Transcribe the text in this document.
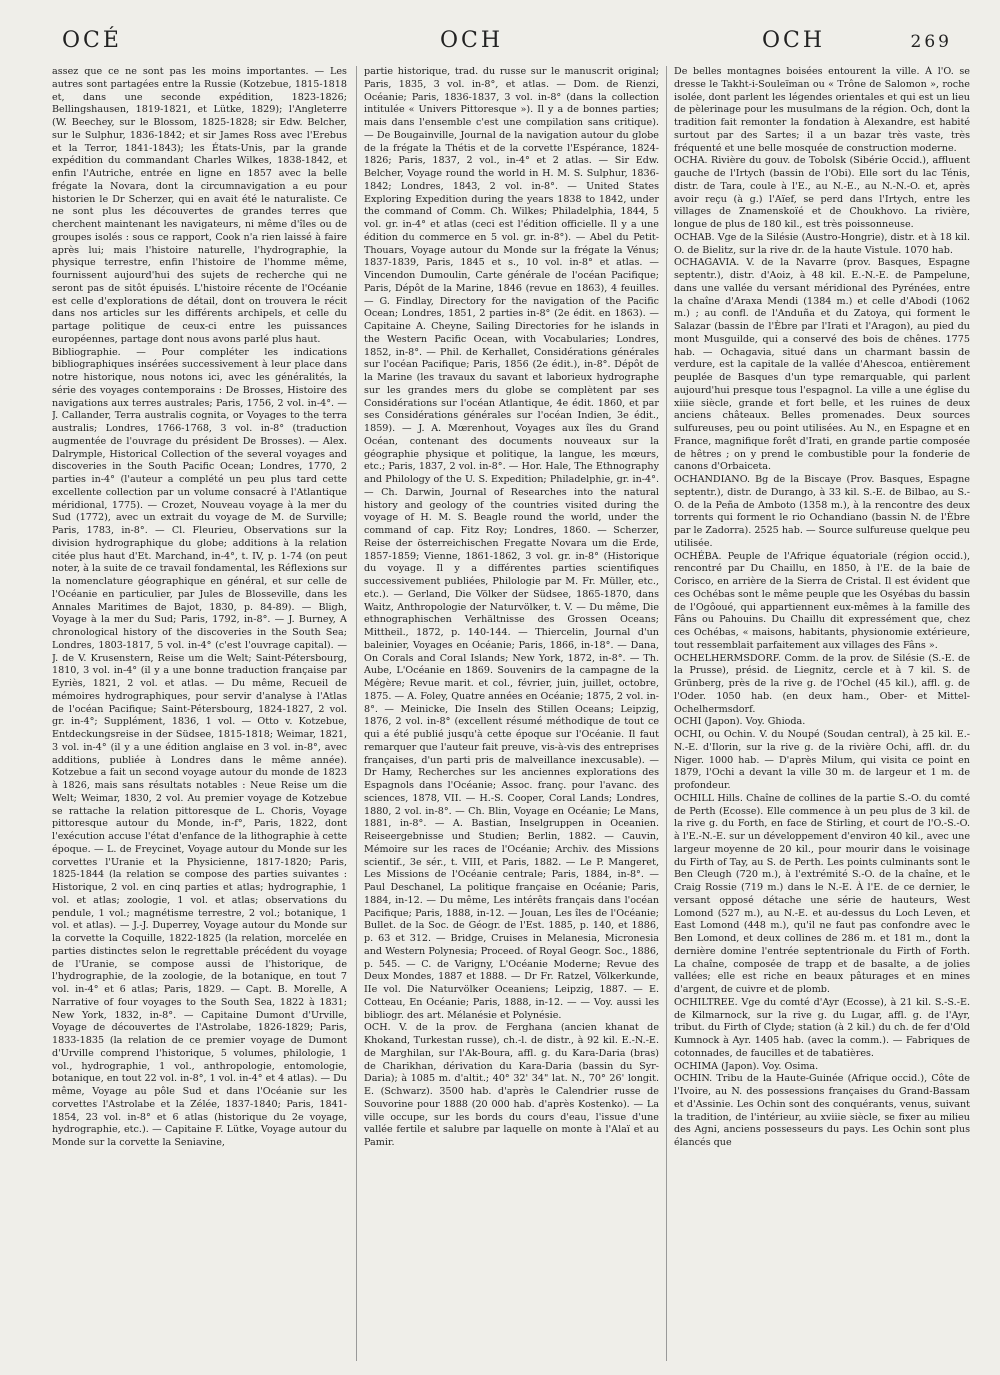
OCÉ	OCH	OCH	269

assez que ce ne sont pas les moins importantes. — Les autres sont partagées entre la Russie (Kotzebue, 1815-1818 et, dans une seconde expédition, 1823-1826; Bellingshausen, 1819-1821, et Lütke, 1829); l'Angleterre (W. Beechey, sur le Blossom, 1825-1828; sir Edw. Belcher, sur le Sulphur, 1836-1842; et sir James Ross avec l'Erebus et la Terror, 1841-1843); les États-Unis, par la grande expédition du commandant Charles Wilkes, 1838-1842, et enfin l'Autriche, entrée en ligne en 1857 avec la belle frégate la Novara, dont la circumnavigation a eu pour historien le Dr Scherzer, qui en avait été le naturaliste. Ce ne sont plus les découvertes de grandes terres que cherchent maintenant les navigateurs, ni même d'îles ou de groupes isolés : sous ce rapport, Cook n'a rien laissé à faire après lui; mais l'histoire naturelle, l'hydrographie, la physique terrestre, enfin l'histoire de l'homme même, fournissent aujourd'hui des sujets de recherche qui ne seront pas de sitôt épuisés. L'histoire récente de l'Océanie est celle d'explorations de détail, dont on trouvera le récit dans nos articles sur les différents archipels, et celle du partage politique de ceux-ci entre les puissances européennes, partage dont nous avons parlé plus haut.

Bibliographie. — Pour compléter les indications bibliographiques insérées successivement à leur place dans notre historique, nous notons ici, avec les généralités, la série des voyages contemporains : De Brosses, Histoire des navigations aux terres australes; Paris, 1756, 2 vol. in-4°. — J. Callander, Terra australis cognita, or Voyages to the terra australis; Londres, 1766-1768, 3 vol. in-8° (traduction augmentée de l'ouvrage du président De Brosses). — Alex. Dalrymple, Historical Collection of the several voyages and discoveries in the South Pacific Ocean; Londres, 1770, 2 parties in-4° (l'auteur a complété un peu plus tard cette excellente collection par un volume consacré à l'Atlantique méridional, 1775). — Crozet, Nouveau voyage à la mer du Sud (1772), avec un extrait du voyage de M. de Surville; Paris, 1783, in-8°. — Cl. Fleurieu, Observations sur la division hydrographique du globe; additions à la relation citée plus haut d'Et. Marchand, in-4°, t. IV, p. 1-74 (on peut noter, à la suite de ce travail fondamental, les Réflexions sur la nomenclature géographique en général, et sur celle de l'Océanie en particulier, par Jules de Blosseville, dans les Annales Maritimes de Bajot, 1830, p. 84-89). — Bligh, Voyage à la mer du Sud; Paris, 1792, in-8°. — J. Burney, A chronological history of the discoveries in the South Sea; Londres, 1803-1817, 5 vol. in-4° (c'est l'ouvrage capital). — J. de V. Krusenstern, Reise um die Welt; Saint-Pétersbourg, 1810, 3 vol. in-4° (il y a une bonne traduction française par Eyriès, 1821, 2 vol. et atlas. — Du même, Recueil de mémoires hydrographiques, pour servir d'analyse à l'Atlas de l'océan Pacifique; Saint-Pétersbourg, 1824-1827, 2 vol. gr. in-4°; Supplément, 1836, 1 vol. — Otto v. Kotzebue, Entdeckungsreise in der Südsee, 1815-1818; Weimar, 1821, 3 vol. in-4° (il y a une édition anglaise en 3 vol. in-8°, avec additions, publiée à Londres dans le même année). Kotzebue a fait un second voyage autour du monde de 1823 à 1826, mais sans résultats notables : Neue Reise um die Welt; Weimar, 1830, 2 vol. Au premier voyage de Kotzebue se rattache la relation pittoresque de L. Choris, Voyage pittoresque autour du Monde, in-f°, Paris, 1822, dont l'exécution accuse l'état d'enfance de la lithographie à cette époque. — L. de Freycinet, Voyage autour du Monde sur les corvettes l'Uranie et la Physicienne, 1817-1820; Paris, 1825-1844 (la relation se compose des parties suivantes : Historique, 2 vol. en cinq parties et atlas; hydrographie, 1 vol. et atlas; zoologie, 1 vol. et atlas; observations du pendule, 1 vol.; magnétisme terrestre, 2 vol.; botanique, 1 vol. et atlas). — J.-J. Duperrey, Voyage autour du Monde sur la corvette la Coquille, 1822-1825 (la relation, morcelée en parties distinctes selon le regrettable précédent du voyage de l'Uranie, se compose aussi de l'historique, de l'hydrographie, de la zoologie, de la botanique, en tout 7 vol. in-4° et 6 atlas; Paris, 1829. — Capt. B. Morelle, A Narrative of four voyages to the South Sea, 1822 à 1831; New York, 1832, in-8°. — Capitaine Dumont d'Urville, Voyage de découvertes de l'Astrolabe, 1826-1829; Paris, 1833-1835 (la relation de ce premier voyage de Dumont d'Urville comprend l'historique, 5 volumes, philologie, 1 vol., hydrographie, 1 vol., anthropologie, entomologie, botanique, en tout 22 vol. in-8°, 1 vol. in-4° et 4 atlas). — Du même, Voyage au pôle Sud et dans l'Océanie sur les corvettes l'Astrolabe et la Zélée, 1837-1840; Paris, 1841-1854, 23 vol. in-8° et 6 atlas (historique du 2e voyage, hydrographie, etc.). — Capitaine F. Lütke, Voyage autour du Monde sur la corvette la Seniavine,

partie historique, trad. du russe sur le manuscrit original; Paris, 1835, 3 vol. in-8°, et atlas. — Dom. de Rienzi, Océanie; Paris, 1836-1837, 3 vol. in-8° (dans la collection intitulée « Univers Pittoresque »). Il y a de bonnes parties; mais dans l'ensemble c'est une compilation sans critique). — De Bougainville, Journal de la navigation autour du globe de la frégate la Thétis et de la corvette l'Espérance, 1824-1826; Paris, 1837, 2 vol., in-4° et 2 atlas. — Sir Edw. Belcher, Voyage round the world in H. M. S. Sulphur, 1836-1842; Londres, 1843, 2 vol. in-8°. — United States Exploring Expedition during the years 1838 to 1842, under the command of Comm. Ch. Wilkes; Philadelphia, 1844, 5 vol. gr. in-4° et atlas (ceci est l'édition officielle. Il y a une édition du commerce en 5 vol. gr. in-8°). — Abel du Petit-Thouars, Voyage autour du Monde sur la frégate la Vénus; 1837-1839, Paris, 1845 et s., 10 vol. in-8° et atlas. — Vincendon Dumoulin, Carte générale de l'océan Pacifique; Paris, Dépôt de la Marine, 1846 (revue en 1863), 4 feuilles. — G. Findlay, Directory for the navigation of the Pacific Ocean; Londres, 1851, 2 parties in-8° (2e édit. en 1863). — Capitaine A. Cheyne, Sailing Directories for he islands in the Western Pacific Ocean, with Vocabularies; Londres, 1852, in-8°. — Phil. de Kerhallet, Considérations générales sur l'océan Pacifique; Paris, 1856 (2e édit.), in-8°. Dépôt de la Marine (les travaux du savant et laborieux hydrographe sur les grandes mers du globe se complètent par ses Considérations sur l'océan Atlantique, 4e édit. 1860, et par ses Considérations générales sur l'océan Indien, 3e édit., 1859). — J. A. Mœrenhout, Voyages aux îles du Grand Océan, contenant des documents nouveaux sur la géographie physique et politique, la langue, les mœurs, etc.; Paris, 1837, 2 vol. in-8°. — Hor. Hale, The Ethnography and Philology of the U. S. Expedition; Philadelphie, gr. in-4°. — Ch. Darwin, Journal of Researches into the natural history and geology of the countries visited during the voyage of H. M. S. Beagle round the world, under the command of cap. Fitz Roy; Londres, 1860. — Scherzer, Reise der österreichischen Fregatte Novara um die Erde, 1857-1859; Vienne, 1861-1862, 3 vol. gr. in-8° (Historique du voyage. Il y a différentes parties scientifiques successivement publiées, Philologie par M. Fr. Müller, etc., etc.). — Gerland, Die Völker der Südsee, 1865-1870, dans Waitz, Anthropologie der Naturvölker, t. V. — Du même, Die ethnographischen Verhältnisse des Grossen Oceans; Mittheil., 1872, p. 140-144. — Thiercelin, Journal d'un baleinier, Voyages en Océanie; Paris, 1866, in-18°. — Dana, On Corals and Coral Islands; New York, 1872, in-8°. — Th. Aube, L'Océanie en 1869. Souvenirs de la campagne de la Mégère; Revue marit. et col., février, juin, juillet, octobre, 1875. — A. Foley, Quatre années en Océanie; 1875, 2 vol. in-8°. — Meinicke, Die Inseln des Stillen Oceans; Leipzig, 1876, 2 vol. in-8° (excellent résumé méthodique de tout ce qui a été publié jusqu'à cette époque sur l'Océanie. Il faut remarquer que l'auteur fait preuve, vis-à-vis des entreprises françaises, d'un parti pris de malveillance inexcusable). — Dr Hamy, Recherches sur les anciennes explorations des Espagnols dans l'Océanie; Assoc. franç. pour l'avanc. des sciences, 1878, VII. — H.-S. Cooper, Coral Lands; Londres, 1880, 2 vol. in-8°. — Ch. Blin, Voyage en Océanie; Le Mans, 1881, in-8°. — A. Bastian, Inselgruppen in Oceanien. Reiseergebnisse und Studien; Berlin, 1882. — Cauvin, Mémoire sur les races de l'Océanie; Archiv. des Missions scientif., 3e sér., t. VIII, et Paris, 1882. — Le P. Mangeret, Les Missions de l'Océanie centrale; Paris, 1884, in-8°. — Paul Deschanel, La politique française en Océanie; Paris, 1884, in-12. — Du même, Les intérêts français dans l'océan Pacifique; Paris, 1888, in-12. — Jouan, Les îles de l'Océanie; Bullet. de la Soc. de Géogr. de l'Est. 1885, p. 140, et 1886, p. 63 et 312. — Bridge, Cruises in Melanesia, Micronesia and Western Polynesia; Proceed. of Royal Geogr. Soc., 1886, p. 545. — C. de Varigny, L'Océanie Moderne; Revue des Deux Mondes, 1887 et 1888. — Dr Fr. Ratzel, Völkerkunde, IIe vol. Die Naturvölker Oceaniens; Leipzig, 1887. — E. Cotteau, En Océanie; Paris, 1888, in-12. — — Voy. aussi les bibliogr. des art. Mélanésie et Polynésie.

OCH. V. de la prov. de Ferghana (ancien khanat de Khokand, Turkestan russe), ch.-l. de distr., à 92 kil. E.-N.-E. de Marghilan, sur l'Ak-Boura, affl. g. du Kara-Daria (bras) de Charikhan, dérivation du Kara-Daria (bassin du Syr-Daria); à 1085 m. d'altit.; 40° 32' 34" lat. N., 70° 26' longit. E. (Schwarz). 3500 hab. d'après le Calendrier russe de Souvorine pour 1888 (20 000 hab. d'après Kostenko). — La ville occupe, sur les bords du cours d'eau, l'issue d'une vallée fertile et salubre par laquelle on monte à l'Alaï et au Pamir.

De belles montagnes boisées entourent la ville. À l'O. se dresse le Takht-i-Souleïman ou « Trône de Salomon », roche isolée, dont parlent les légendes orientales et qui est un lieu de pèlerinage pour les musulmans de la région. Och, dont la tradition fait remonter la fondation à Alexandre, est habité surtout par des Sartes; il a un bazar très vaste, très fréquenté et une belle mosquée de construction moderne.

OCHA. Rivière du gouv. de Tobolsk (Sibérie Occid.), affluent gauche de l'Irtych (bassin de l'Obi). Elle sort du lac Ténis, distr. de Tara, coule à l'E., au N.-E., au N.-N.-O. et, après avoir reçu (à g.) l'Aïef, se perd dans l'Irtych, entre les villages de Znamenskoïé et de Choukhovo. La rivière, longue de plus de 180 kil., est très poissonneuse.

OCHAB. Vge de la Silésie (Austro-Hongrie), distr. et à 18 kil. O. de Bielitz, sur la rive dr. de la haute Vistule. 1070 hab.

OCHAGAVIA. V. de la Navarre (prov. Basques, Espagne septentr.), distr. d'Aoiz, à 48 kil. E.-N.-E. de Pampelune, dans une vallée du versant méridional des Pyrénées, entre la chaîne d'Araxa Mendi (1384 m.) et celle d'Abodi (1062 m.) ; au confl. de l'Anduña et du Zatoya, qui forment le Salazar (bassin de l'Èbre par l'Irati et l'Aragon), au pied du mont Musguilde, qui a conservé des bois de chênes. 1775 hab. — Ochagavia, situé dans un charmant bassin de verdure, est la capitale de la vallée d'Ahescoa, entièrement peuplée de Basques d'un type remarquable, qui parlent aujourd'hui presque tous l'espagnol. La ville a une église du xiiie siècle, grande et fort belle, et les ruines de deux anciens châteaux. Belles promenades. Deux sources sulfureuses, peu ou point utilisées. Au N., en Espagne et en France, magnifique forêt d'Irati, en grande partie composée de hêtres ; on y prend le combustible pour la fonderie de canons d'Orbaiceta.

OCHANDIANO. Bg de la Biscaye (Prov. Basques, Espagne septentr.), distr. de Durango, à 33 kil. S.-E. de Bilbao, au S.-O. de la Peña de Amboto (1358 m.), à la rencontre des deux torrents qui forment le rio Ochandiano (bassin N. de l'Èbre par le Zadorra). 2525 hab. — Source sulfureuse quelque peu utilisée.

OCHÉBA. Peuple de l'Afrique équatoriale (région occid.), rencontré par Du Chaillu, en 1850, à l'E. de la baie de Corisco, en arrière de la Sierra de Cristal. Il est évident que ces Ochébas sont le même peuple que les Osyébas du bassin de l'Ogôoué, qui appartiennent eux-mêmes à la famille des Fâns ou Pahouins. Du Chaillu dit expressément que, chez ces Ochébas, « maisons, habitants, physionomie extérieure, tout ressemblait parfaitement aux villages des Fâns ».

OCHELHERMSDORF. Comm. de la prov. de Silésie (S.-E. de la Prusse), présid. de Liegnitz, cercle et à 7 kil. S. de Grünberg, près de la rive g. de l'Ochel (45 kil.), affl. g. de l'Oder. 1050 hab. (en deux ham., Ober- et Mittel-Ochelhermsdorf.

OCHI (Japon). Voy. Ghioda.

OCHI, ou Ochin. V. du Noupé (Soudan central), à 25 kil. E.-N.-E. d'Ilorin, sur la rive g. de la rivière Ochi, affl. dr. du Niger. 1000 hab. — D'après Milum, qui visita ce point en 1879, l'Ochi a devant la ville 30 m. de largeur et 1 m. de profondeur.

OCHILL Hills. Chaîne de collines de la partie S.-O. du comté de Perth (Ecosse). Elle commence à un peu plus de 3 kil. de la rive g. du Forth, en face de Stirling, et court de l'O.-S.-O. à l'E.-N.-E. sur un développement d'environ 40 kil., avec une largeur moyenne de 20 kil., pour mourir dans le voisinage du Firth of Tay, au S. de Perth. Les points culminants sont le Ben Cleugh (720 m.), à l'extrémité S.-O. de la chaîne, et le Craig Rossie (719 m.) dans le N.-E. À l'E. de ce dernier, le versant opposé détache une série de hauteurs, West Lomond (527 m.), au N.-E. et au-dessus du Loch Leven, et East Lomond (448 m.), qu'il ne faut pas confondre avec le Ben Lomond, et deux collines de 286 m. et 181 m., dont la dernière domine l'entrée septentrionale du Firth of Forth. La chaîne, composée de trapp et de basalte, a de jolies vallées; elle est riche en beaux pâturages et en mines d'argent, de cuivre et de plomb.

OCHILTREE. Vge du comté d'Ayr (Ecosse), à 21 kil. S.-S.-E. de Kilmarnock, sur la rive g. du Lugar, affl. g. de l'Ayr, tribut. du Firth of Clyde; station (à 2 kil.) du ch. de fer d'Old Kumnock à Ayr. 1405 hab. (avec la comm.). — Fabriques de cotonnades, de faucilles et de tabatières.

OCHIMA (Japon). Voy. Osima.

OCHIN. Tribu de la Haute-Guinée (Afrique occid.), Côte de l'Ivoire, au N. des possessions françaises du Grand-Bassam et d'Assinie. Les Ochin sont des conquérants, venus, suivant la tradition, de l'intérieur, au xviiie siècle, se fixer au milieu des Agni, anciens possesseurs du pays. Les Ochin sont plus élancés que
